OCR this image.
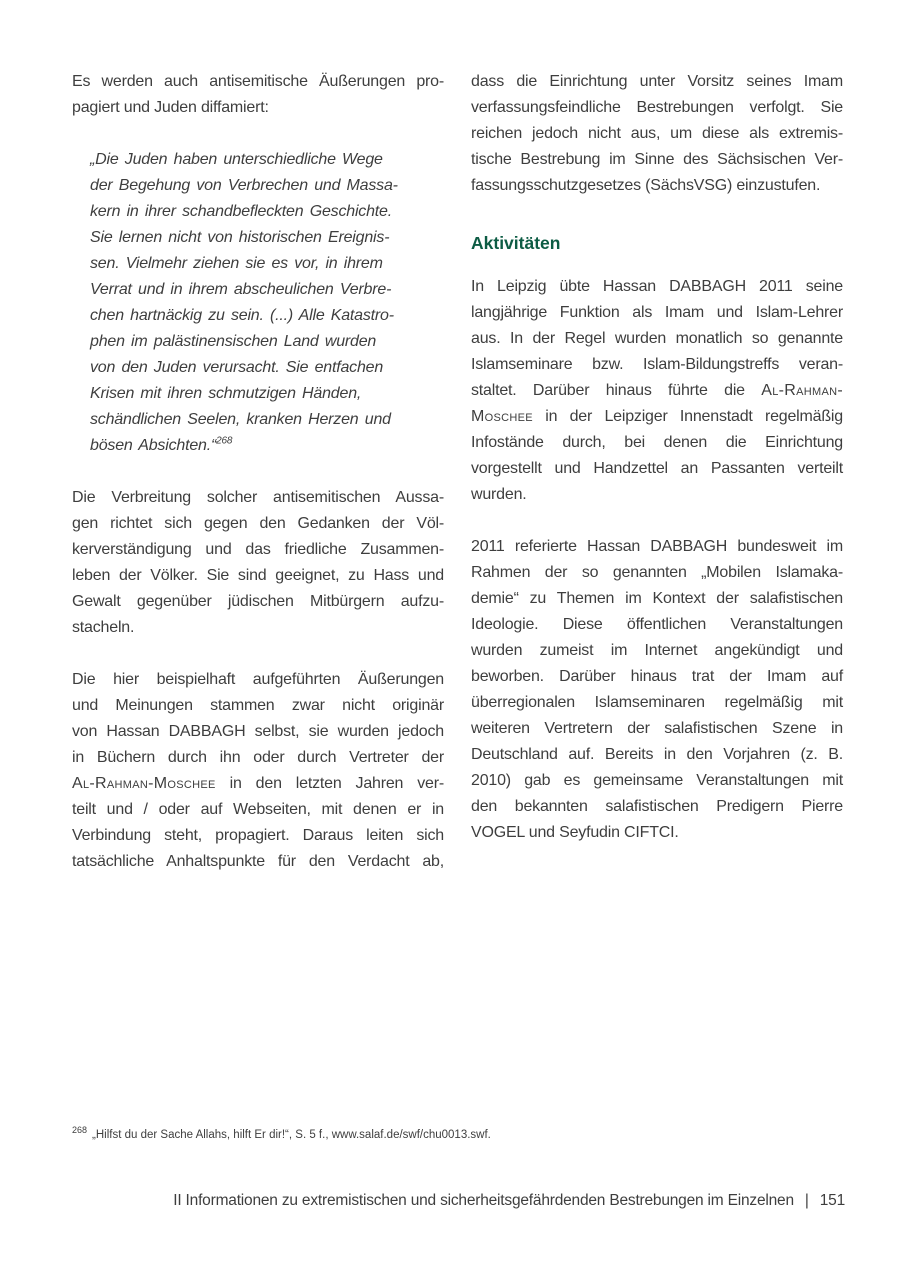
Es werden auch antisemitische Äußerungen pro-
pagiert und Juden diffamiert:
„Die Juden haben unterschiedliche Wege
der Begehung von Verbrechen und Massa-
kern in ihrer schandbefleckten Geschichte.
Sie lernen nicht von historischen Ereignis-
sen. Vielmehr ziehen sie es vor, in ihrem
Verrat und in ihrem abscheulichen Verbre-
chen hartnäckig zu sein. (...) Alle Katastro-
phen im palästinensischen Land wurden
von den Juden verursacht. Sie entfachen
Krisen mit ihren schmutzigen Händen,
schändlichen Seelen, kranken Herzen und
bösen Absichten.“$^{268}$
Die Verbreitung solcher antisemitischen Aussa-
gen richtet sich gegen den Gedanken der Völ-
kerverständigung und das friedliche Zusammen-
leben der Völker. Sie sind geeignet, zu Hass und
Gewalt gegenüber jüdischen Mitbürgern aufzu-
stacheln.
Die hier beispielhaft aufgeführten Äußerungen
und Meinungen stammen zwar nicht originär
von Hassan DABBAGH selbst, sie wurden jedoch
in Büchern durch ihn oder durch Vertreter der
Al-Rahman-Moschee in den letzten Jahren ver-
teilt und / oder auf Webseiten, mit denen er in
Verbindung steht, propagiert. Daraus leiten sich
tatsächliche Anhaltspunkte für den Verdacht ab,
dass die Einrichtung unter Vorsitz seines Imam
verfassungsfeindliche Bestrebungen verfolgt. Sie
reichen jedoch nicht aus, um diese als extremis-
tische Bestrebung im Sinne des Sächsischen Ver-
fassungsschutzgesetzes (SächsVSG) einzustufen.
Aktivitäten
In Leipzig übte Hassan DABBAGH 2011 seine
langjährige Funktion als Imam und Islam-Lehrer
aus. In der Regel wurden monatlich so genannte
Islamseminare bzw. Islam-Bildungstreffs veran-
staltet. Darüber hinaus führte die Al-Rahman-
Moschee in der Leipziger Innenstadt regelmäßig
Infostände durch, bei denen die Einrichtung
vorgestellt und Handzettel an Passanten verteilt
wurden.
2011 referierte Hassan DABBAGH bundesweit im
Rahmen der so genannten „Mobilen Islamaka-
demie“ zu Themen im Kontext der salafistischen
Ideologie. Diese öffentlichen Veranstaltungen
wurden zumeist im Internet angekündigt und
beworben. Darüber hinaus trat der Imam auf
überregionalen Islamseminaren regelmäßig mit
weiteren Vertretern der salafistischen Szene in
Deutschland auf. Bereits in den Vorjahren (z. B.
2010) gab es gemeinsame Veranstaltungen mit
den bekannten salafistischen Predigern Pierre
VOGEL und Seyfudin CIFTCI.
$^{268}$ „Hilfst du der Sache Allahs, hilft Er dir!“, S. 5 f., www.salaf.de/swf/chu0013.swf.
II Informationen zu extremistischen und sicherheitsgefährdenden Bestrebungen im Einzelnen | 151
